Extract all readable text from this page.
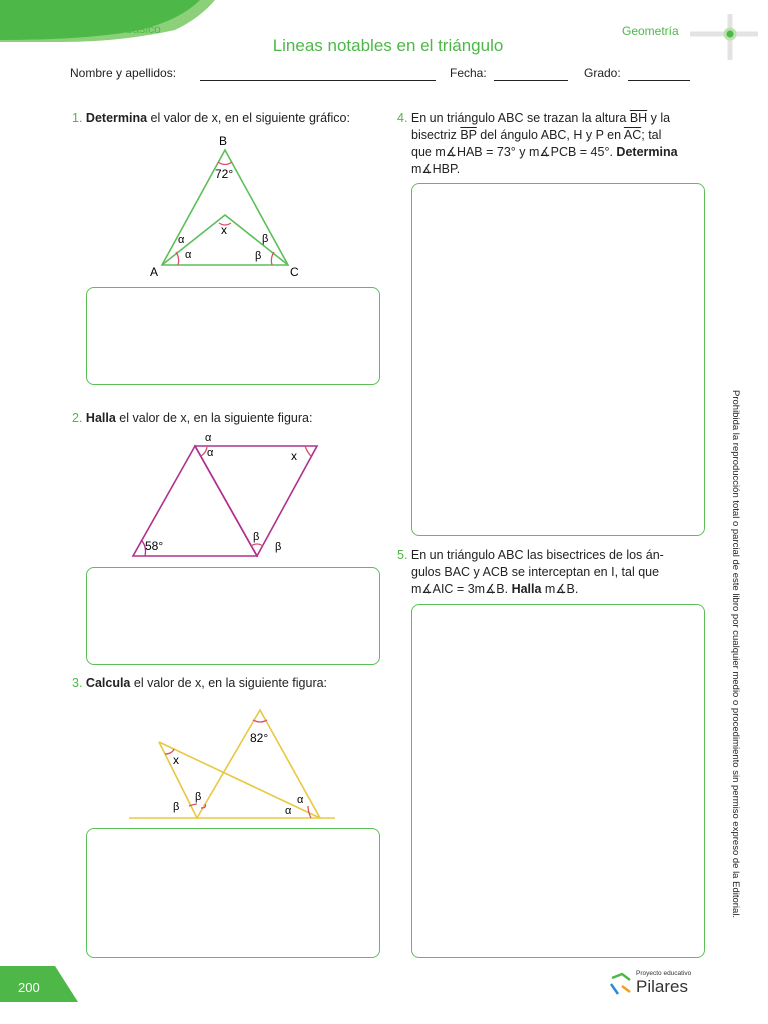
Nivel básico	Geometría
Lineas notables en el triángulo
Nombre y apellidos:	Fecha:	Grado:
1. Determina el valor de x, en el siguiente gráfico:
B
A	C
72°
x
α
α
β
β
2. Halla el valor de x, en la siguiente figura:
α
α	x
58°
β
β
3. Calcula el valor de x, en la siguiente figura:
82°
x
β
β	α
α
4. En un triángulo ABC se trazan la altura $\overline{BH}$ y la
bisectriz $\overline{BP}$ del ángulo ABC, H y P en $\overline{AC}$; tal
que m∡HAB = 73° y m∡PCB = 45°. Determina
m∡HBP.
5. En un triángulo ABC las bisectrices de los án-
gulos BAC y ACB se interceptan en I, tal que
m∡AIC = 3m∡B. Halla m∡B.	Prohibida la reproducción total o parcial de este libro por cualquier medio o procedimiento sin permiso expreso de la Editorial.
200
Proyecto educativo
Pilares
